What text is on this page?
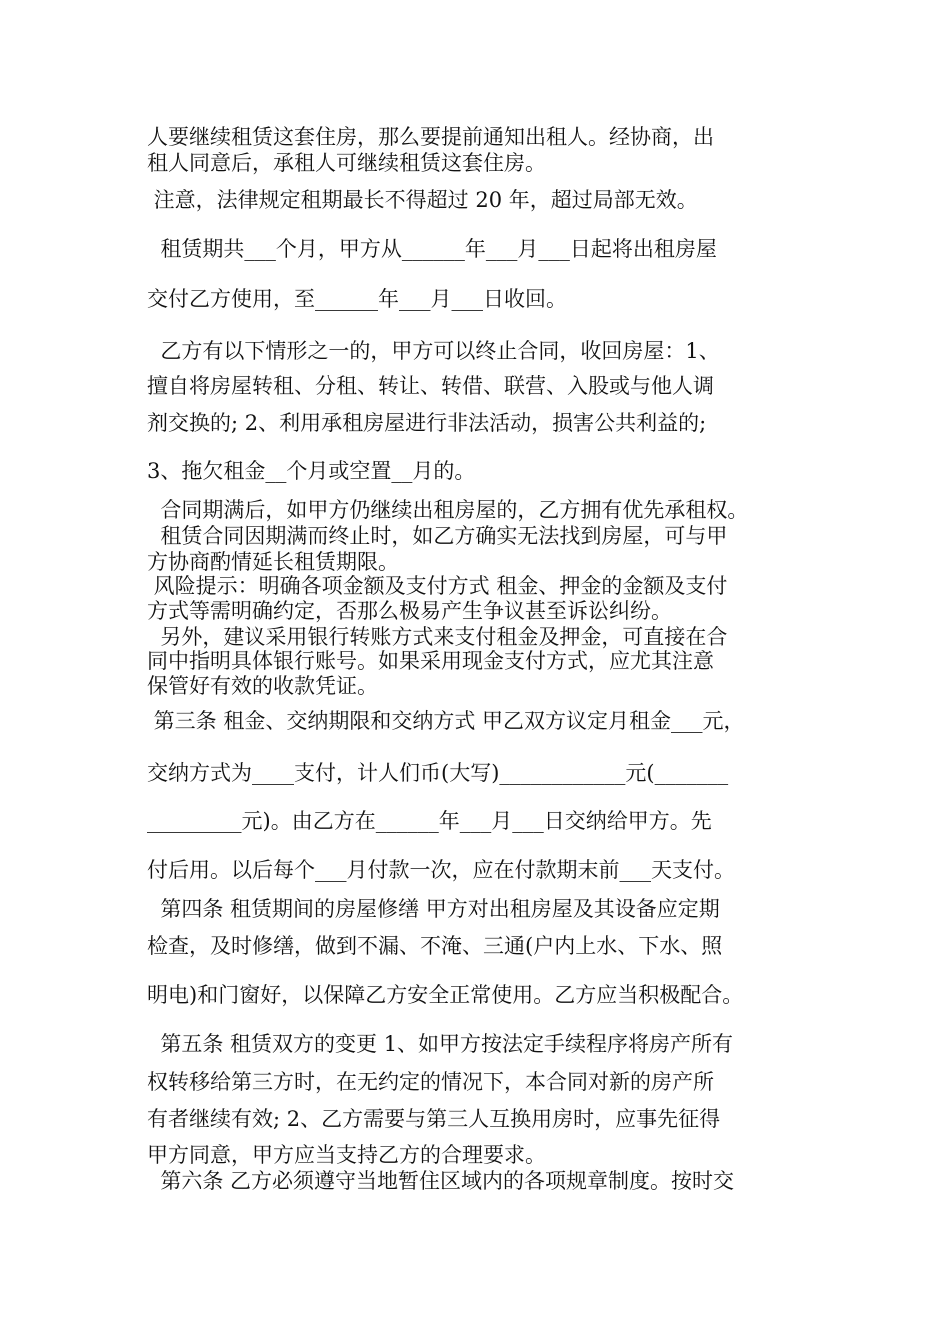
人要继续租赁这套住房，那么要提前通知出租人。经协商，出

租人同意后，承租人可继续租赁这套住房。

注意，法律规定租期最长不得超过 20 年，超过局部无效。

租赁期共___个月，甲方从______年___月___日起将出租房屋

交付乙方使用，至______年___月___日收回。

乙方有以下情形之一的，甲方可以终止合同，收回房屋：1、

擅自将房屋转租、分租、转让、转借、联营、入股或与他人调

剂交换的; 2、利用承租房屋进行非法活动，损害公共利益的;

3、拖欠租金__个月或空置__月的。

合同期满后，如甲方仍继续出租房屋的，乙方拥有优先承租权。

租赁合同因期满而终止时，如乙方确实无法找到房屋，可与甲

方协商酌情延长租赁期限。

风险提示：明确各项金额及支付方式 租金、押金的金额及支付

方式等需明确约定，否那么极易产生争议甚至诉讼纠纷。

另外，建议采用银行转账方式来支付租金及押金，可直接在合

同中指明具体银行账号。如果采用现金支付方式，应尤其注意

保管好有效的收款凭证。

第三条 租金、交纳期限和交纳方式 甲乙双方议定月租金___元，

交纳方式为____支付，计人们币(大写)____________元(_______

_________元)。由乙方在______年___月___日交纳给甲方。先

付后用。以后每个___月付款一次，应在付款期末前___天支付。

第四条 租赁期间的房屋修缮 甲方对出租房屋及其设备应定期

检查，及时修缮，做到不漏、不淹、三通(户内上水、下水、照

明电)和门窗好，以保障乙方安全正常使用。乙方应当积极配合。

第五条 租赁双方的变更 1、如甲方按法定手续程序将房产所有

权转移给第三方时，在无约定的情况下，本合同对新的房产所

有者继续有效; 2、乙方需要与第三人互换用房时，应事先征得

甲方同意，甲方应当支持乙方的合理要求。

第六条 乙方必须遵守当地暂住区域内的各项规章制度。按时交
